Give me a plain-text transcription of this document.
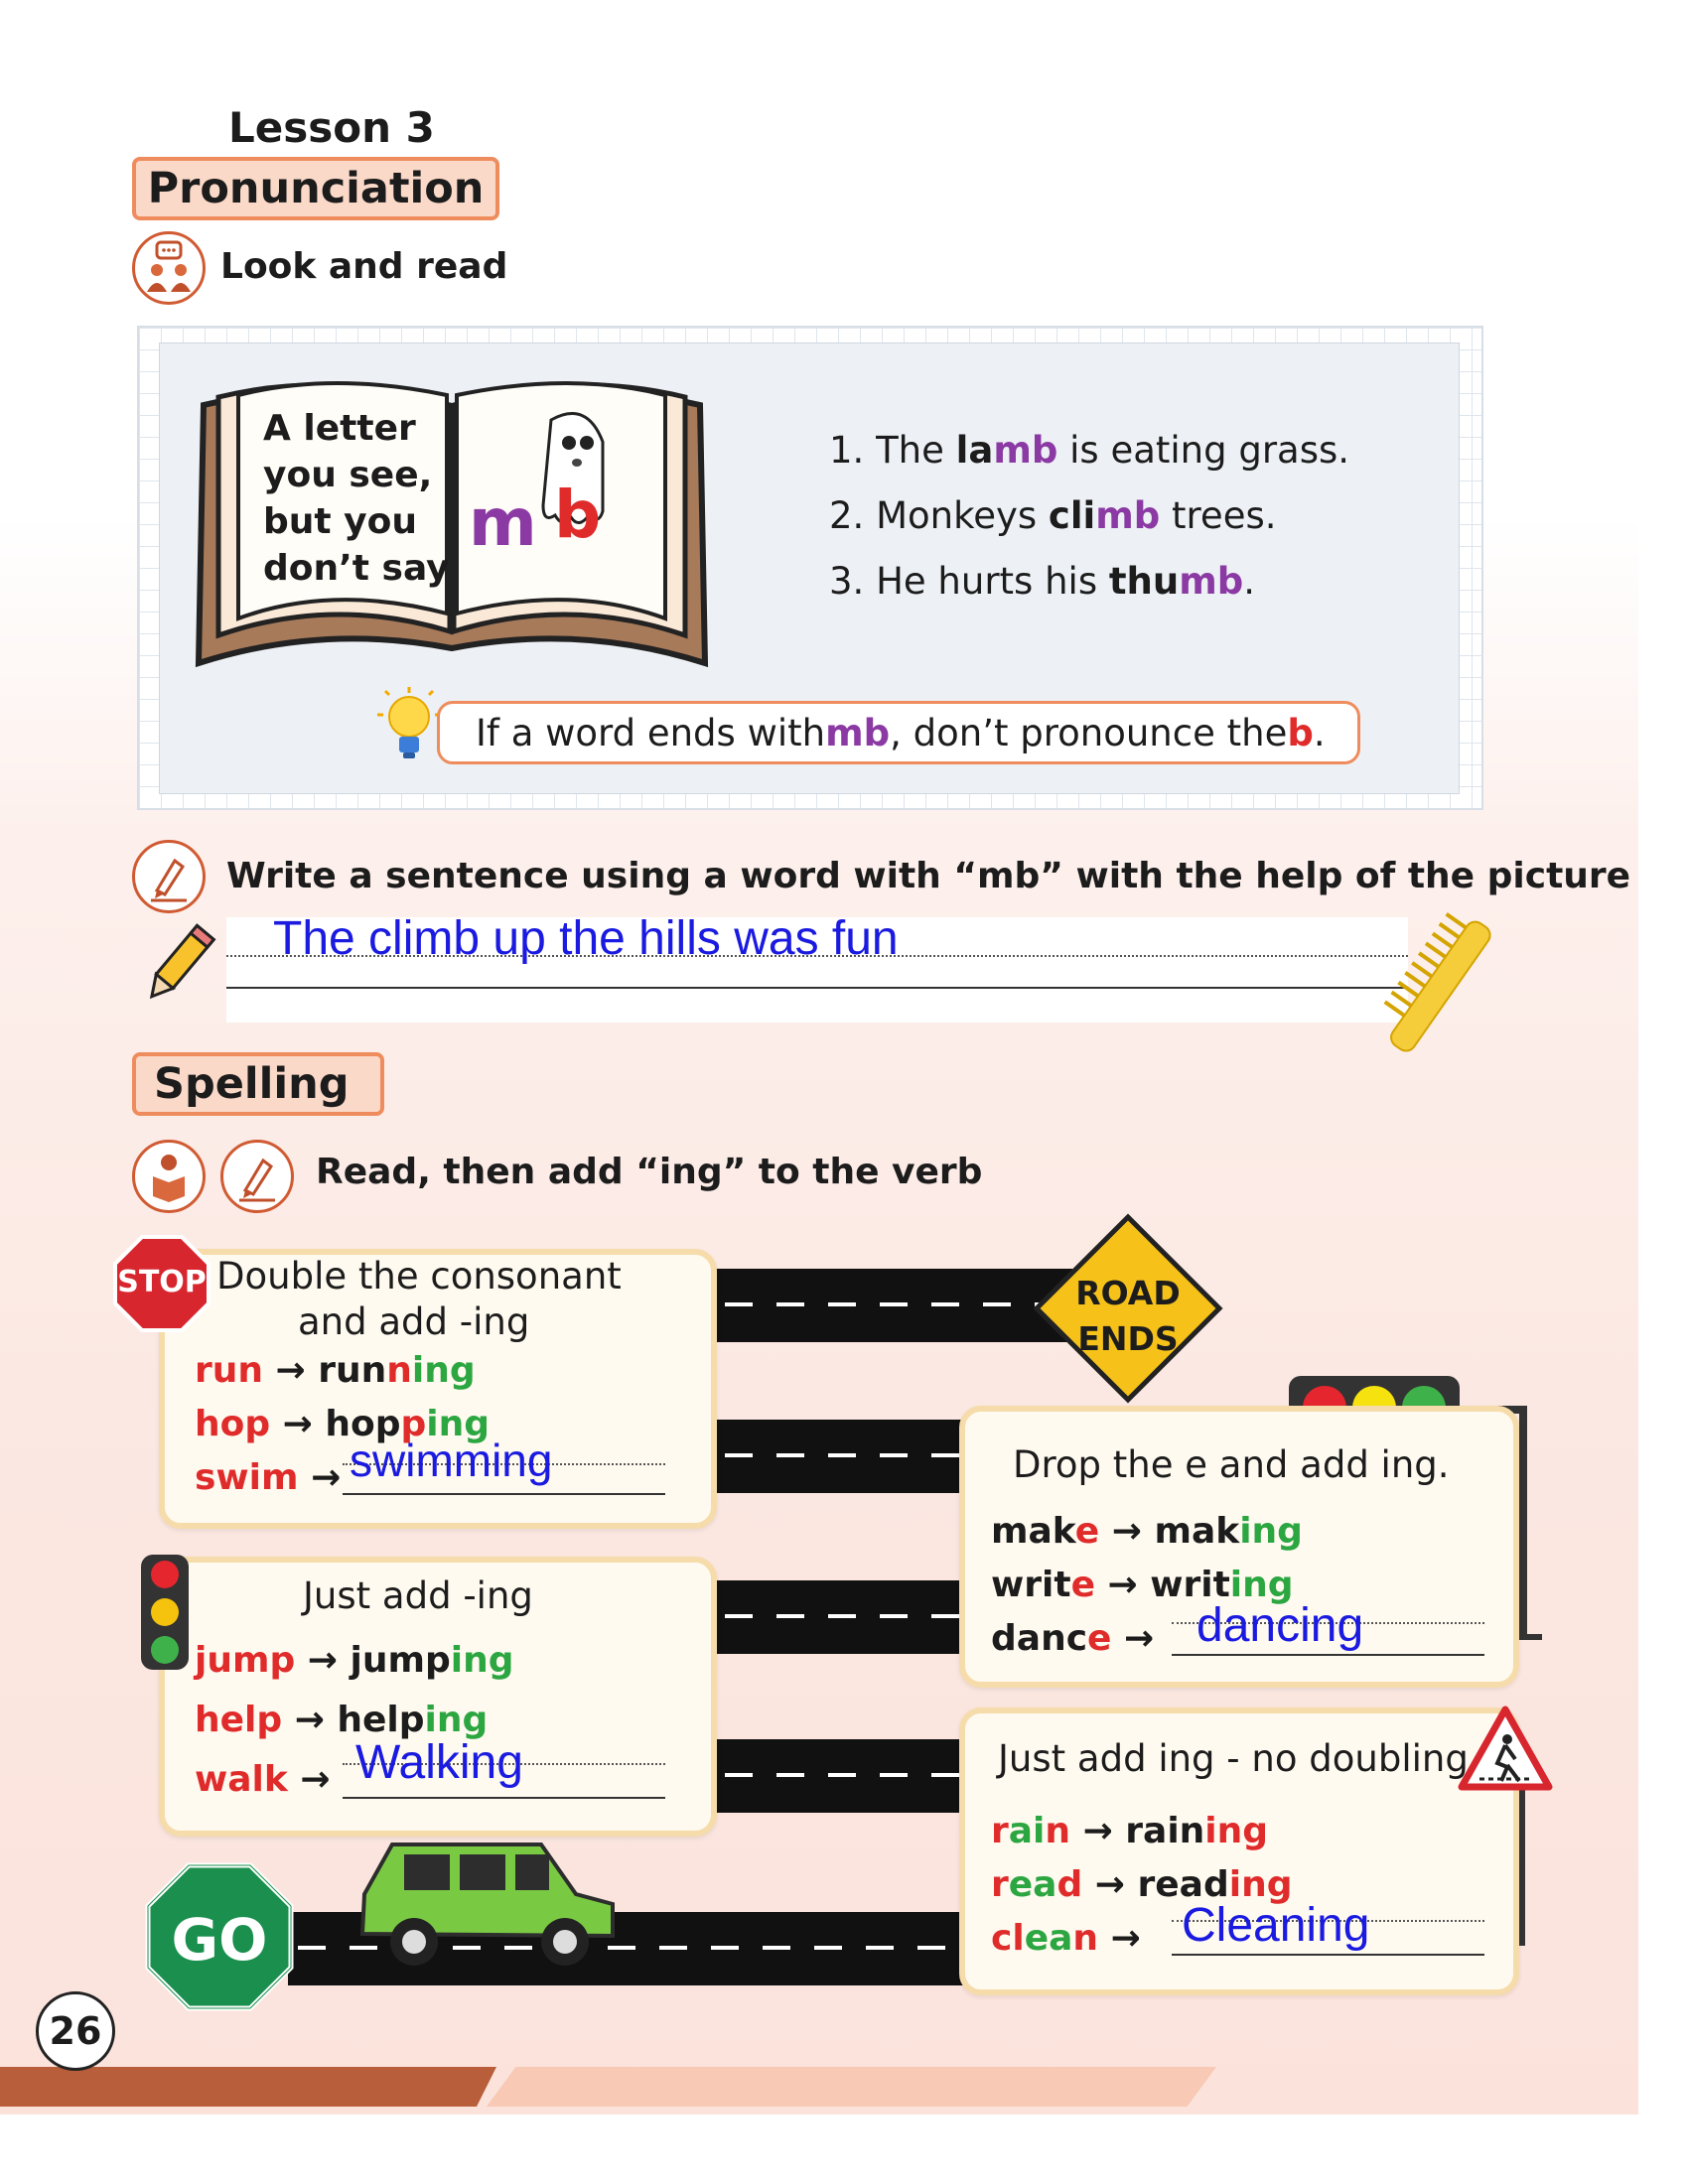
Lesson 3
Pronunciation
Look and read
A letter
you see,
but you
don’t say
m b
1. The lamb is eating grass.
2. Monkeys climb trees.
3. He hurts his thumb.
If a word ends with mb , don’t pronounce the b .
Write a sentence using a word with “mb” with the help of the picture
The climb up the hills was fun
Spelling
Read, then add “ing” to the verb
STOP Double the consonant
and add -ing
run → running
hop → hopping
swim → swimming
ROAD
ENDS
Just add -ing
jump → jumping
help → helping
walk → Walking
GO
Drop the e and add ing.
make → making
write → writing
dance → dancing
Just add ing - no doubling
rain → raining
read → reading
clean → Cleaning
26
